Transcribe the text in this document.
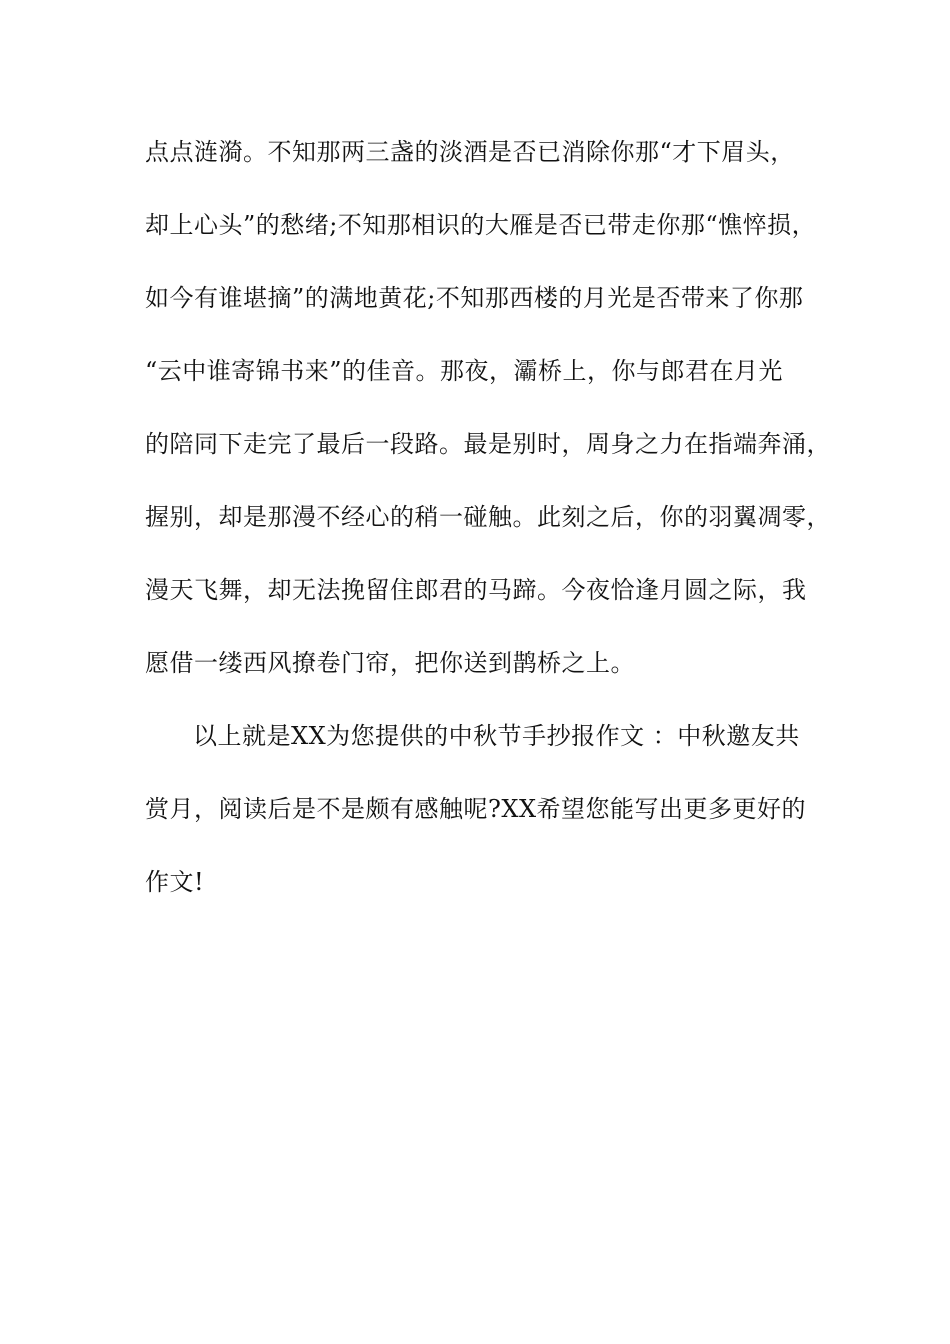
点点涟漪。不知那两三盏的淡酒是否已消除你那“才下眉头，
却上心头”的愁绪;不知那相识的大雁是否已带走你那“憔悴损，
如今有谁堪摘”的满地黄花;不知那西楼的月光是否带来了你那
“云中谁寄锦书来”的佳音。那夜，灞桥上，你与郎君在月光
的陪同下走完了最后一段路。最是别时，周身之力在指端奔涌，
握别，却是那漫不经心的稍一碰触。此刻之后，你的羽翼凋零，
漫天飞舞，却无法挽留住郎君的马蹄。今夜恰逢月圆之际，我
愿借一缕西风撩卷门帘，把你送到鹊桥之上。
以上就是XX为您提供的中秋节手抄报作文 ：中秋邀友共
赏月，阅读后是不是颇有感触呢?XX希望您能写出更多更好的
作文!
